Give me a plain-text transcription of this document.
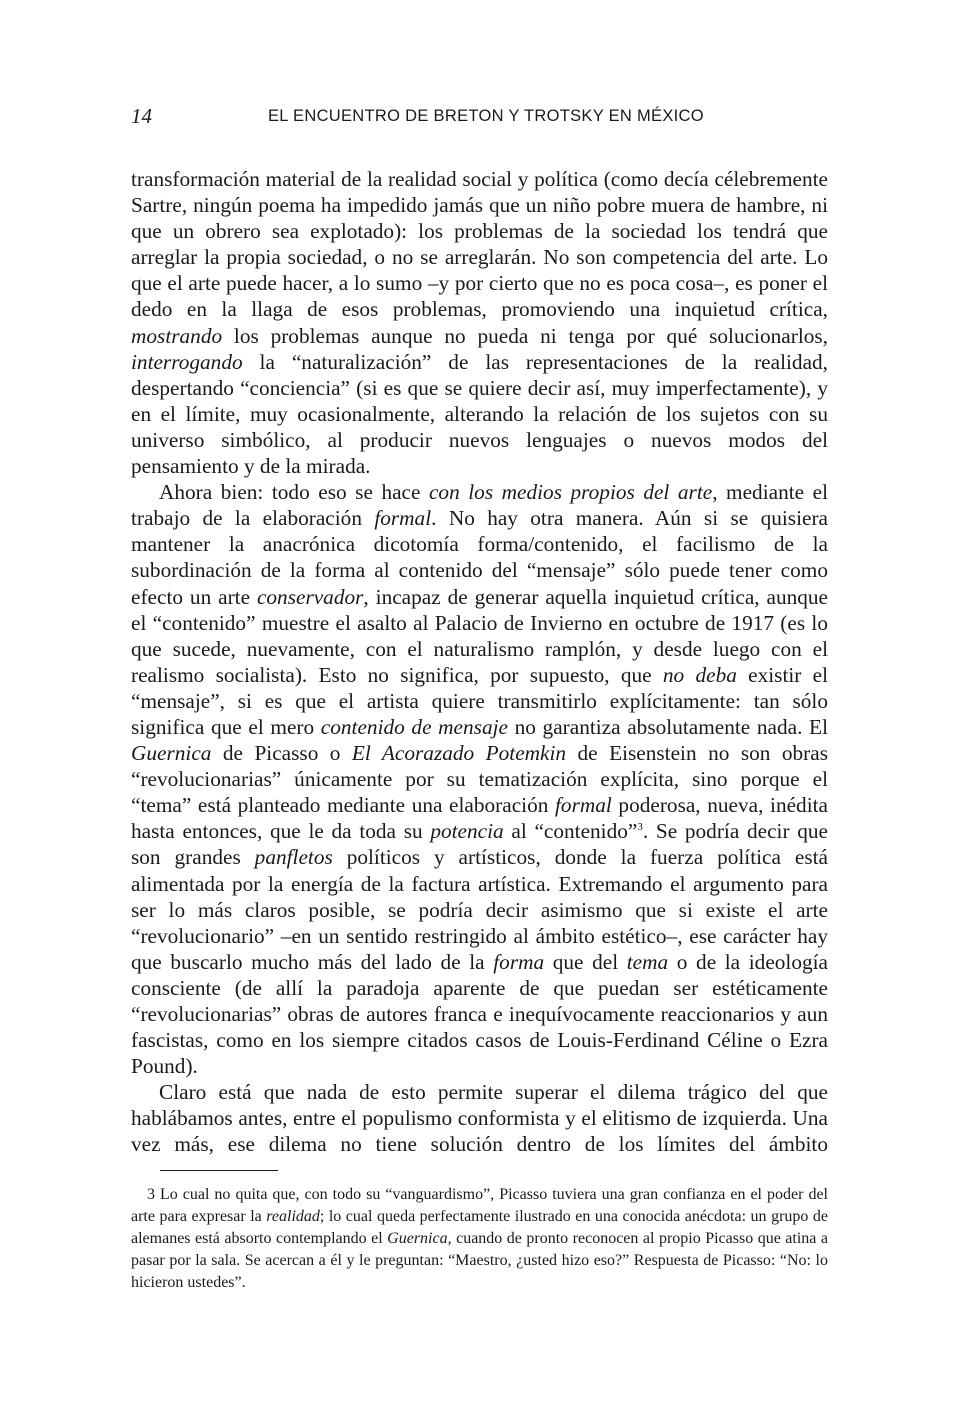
14	EL ENCUENTRO DE BRETON Y TROTSKY EN MÉXICO

transformación material de la realidad social y política (como decía célebremente Sartre, ningún poema ha impedido jamás que un niño pobre muera de hambre, ni que un obrero sea explotado): los problemas de la sociedad los tendrá que arreglar la propia sociedad, o no se arreglarán. No son competencia del arte. Lo que el arte puede hacer, a lo sumo –y por cierto que no es poca cosa–, es poner el dedo en la llaga de esos problemas, promoviendo una inquietud crítica, mostrando los problemas aunque no pueda ni tenga por qué solucionarlos, interrogando la “naturalización” de las representaciones de la realidad, despertando “conciencia” (si es que se quiere decir así, muy imperfectamente), y en el límite, muy ocasionalmente, alterando la relación de los sujetos con su universo simbólico, al producir nuevos lenguajes o nuevos modos del pensamiento y de la mirada.

Ahora bien: todo eso se hace con los medios propios del arte, mediante el trabajo de la elaboración formal. No hay otra manera. Aún si se quisiera mantener la anacrónica dicotomía forma/contenido, el facilismo de la subordinación de la forma al contenido del “mensaje” sólo puede tener como efecto un arte conservador, incapaz de generar aquella inquietud crítica, aunque el “contenido” muestre el asalto al Palacio de Invierno en octubre de 1917 (es lo que sucede, nuevamente, con el naturalismo ramplón, y desde luego con el realismo socialista). Esto no significa, por supuesto, que no deba existir el “mensaje”, si es que el artista quiere transmitirlo explícitamente: tan sólo significa que el mero contenido de mensaje no garantiza absolutamente nada. El Guernica de Picasso o El Acorazado Potemkin de Eisenstein no son obras “revolucionarias” únicamente por su tematización explícita, sino porque el “tema” está planteado mediante una elaboración formal poderosa, nueva, inédita hasta entonces, que le da toda su potencia al “contenido”$^3$. Se podría decir que son grandes panfletos políticos y artísticos, donde la fuerza política está alimentada por la energía de la factura artística. Extremando el argumento para ser lo más claros posible, se podría decir asimismo que si existe el arte “revolucionario” –en un sentido restringido al ámbito estético–, ese carácter hay que buscarlo mucho más del lado de la forma que del tema o de la ideología consciente (de allí la paradoja aparente de que puedan ser estéticamente “revolucionarias” obras de autores franca e inequívocamente reaccionarios y aun fascistas, como en los siempre citados casos de Louis-Ferdinand Céline o Ezra Pound).

Claro está que nada de esto permite superar el dilema trágico del que hablábamos antes, entre el populismo conformista y el elitismo de izquierda. Una vez más, ese dilema no tiene solución dentro de los límites del ámbito

3 Lo cual no quita que, con todo su “vanguardismo”, Picasso tuviera una gran confianza en el poder del arte para expresar la realidad; lo cual queda perfectamente ilustrado en una conocida anécdota: un grupo de alemanes está absorto contemplando el Guernica, cuando de pronto reconocen al propio Picasso que atina a pasar por la sala. Se acercan a él y le preguntan: “Maestro, ¿usted hizo eso?” Respuesta de Picasso: “No: lo hicieron ustedes”.
